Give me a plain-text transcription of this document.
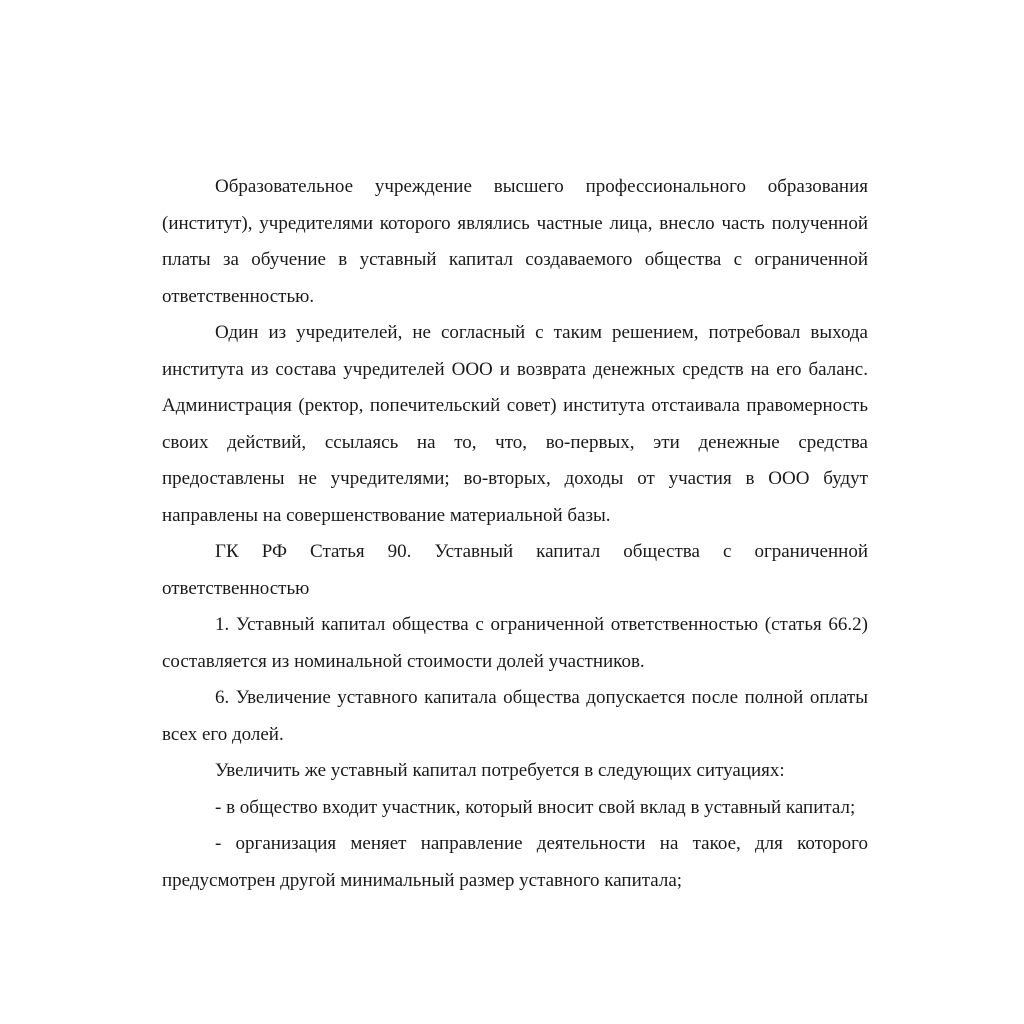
Образовательное учреждение высшего профессионального образования (институт), учредителями которого являлись частные лица, внесло часть полученной платы за обучение в уставный капитал создаваемого общества с ограниченной ответственностью.

Один из учредителей, не согласный с таким решением, потребовал выхода института из состава учредителей ООО и возврата денежных средств на его баланс. Администрация (ректор, попечительский совет) института отстаивала правомерность своих действий, ссылаясь на то, что, во-первых, эти денежные средства предоставлены не учредителями; во-вторых, доходы от участия в ООО будут направлены на совершенствование материальной базы.

ГК РФ Статья 90. Уставный капитал общества с ограниченной ответственностью

1. Уставный капитал общества с ограниченной ответственностью (статья 66.2) составляется из номинальной стоимости долей участников.

6. Увеличение уставного капитала общества допускается после полной оплаты всех его долей.

Увеличить же уставный капитал потребуется в следующих ситуациях:

- в общество входит участник, который вносит свой вклад в уставный капитал;

- организация меняет направление деятельности на такое, для которого предусмотрен другой минимальный размер уставного капитала;
